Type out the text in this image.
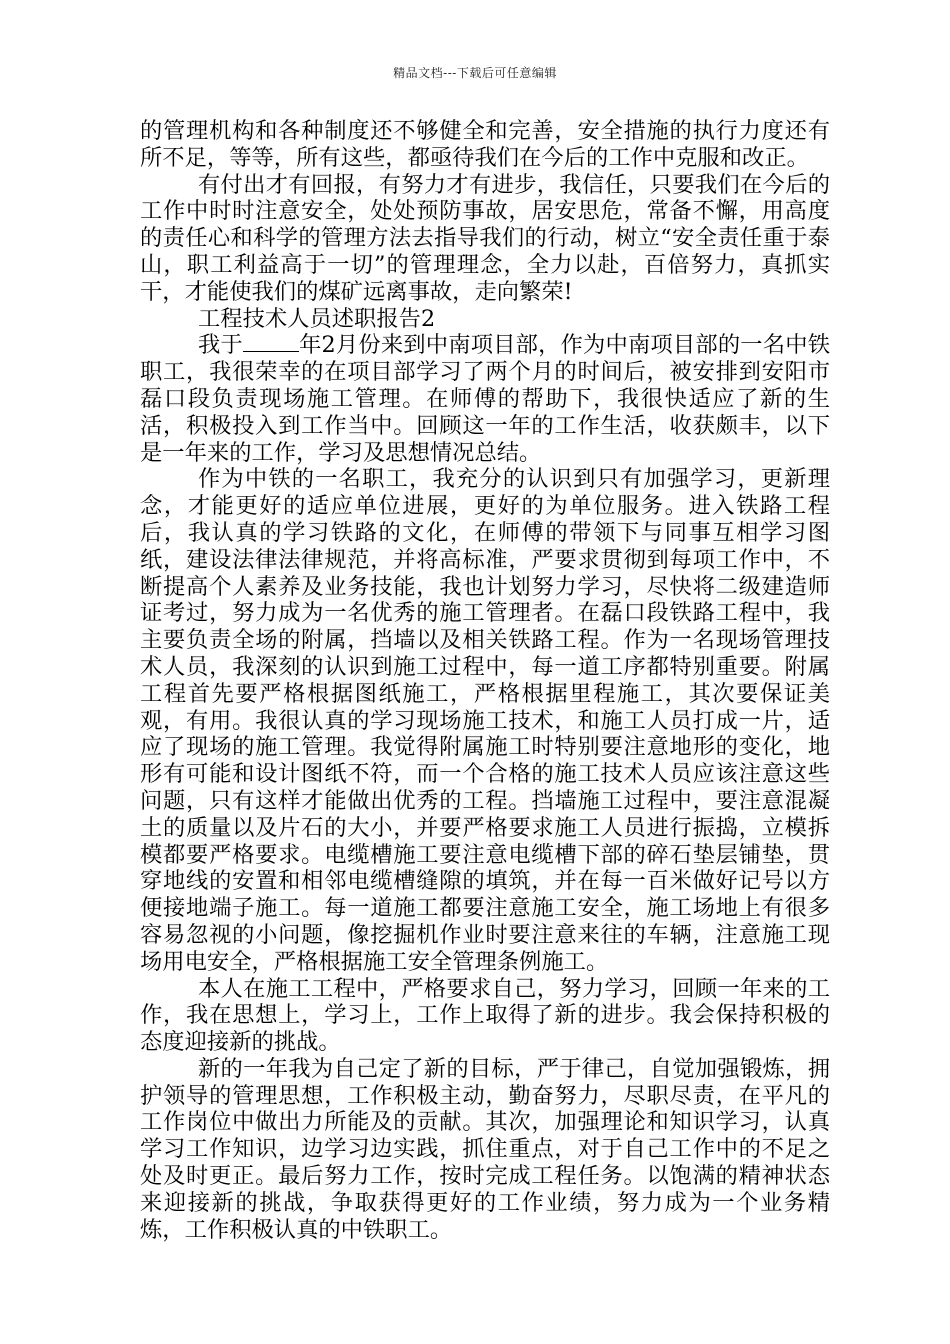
精品文档---下载后可任意编辑

的管理机构和各种制度还不够健全和完善，安全措施的执行力度还有所不足，等等，所有这些，都亟待我们在今后的工作中克服和改正。

有付出才有回报，有努力才有进步，我信任，只要我们在今后的工作中时时注意安全，处处预防事故，居安思危，常备不懈，用高度的责任心和科学的管理方法去指导我们的行动，树立“安全责任重于泰山，职工利益高于一切”的管理理念，全力以赴，百倍努力，真抓实干，才能使我们的煤矿远离事故，走向繁荣!

工程技术人员述职报告2

我于	年2月份来到中南项目部，作为中南项目部的一名中铁职工，我很荣幸的在项目部学习了两个月的时间后，被安排到安阳市磊口段负责现场施工管理。在师傅的帮助下，我很快适应了新的生活，积极投入到工作当中。回顾这一年的工作生活，收获颇丰，以下是一年来的工作，学习及思想情况总结。

作为中铁的一名职工，我充分的认识到只有加强学习，更新理念，才能更好的适应单位进展，更好的为单位服务。进入铁路工程后，我认真的学习铁路的文化，在师傅的带领下与同事互相学习图纸，建设法律法律规范，并将高标准，严要求贯彻到每项工作中，不断提高个人素养及业务技能，我也计划努力学习，尽快将二级建造师证考过，努力成为一名优秀的施工管理者。在磊口段铁路工程中，我主要负责全场的附属，挡墙以及相关铁路工程。作为一名现场管理技术人员，我深刻的认识到施工过程中，每一道工序都特别重要。附属工程首先要严格根据图纸施工，严格根据里程施工，其次要保证美观，有用。我很认真的学习现场施工技术，和施工人员打成一片，适应了现场的施工管理。我觉得附属施工时特别要注意地形的变化，地形有可能和设计图纸不符，而一个合格的施工技术人员应该注意这些问题，只有这样才能做出优秀的工程。挡墙施工过程中，要注意混凝土的质量以及片石的大小，并要严格要求施工人员进行振捣，立模拆模都要严格要求。电缆槽施工要注意电缆槽下部的碎石垫层铺垫，贯穿地线的安置和相邻电缆槽缝隙的填筑，并在每一百米做好记号以方便接地端子施工。每一道施工都要注意施工安全，施工场地上有很多容易忽视的小问题，像挖掘机作业时要注意来往的车辆，注意施工现场用电安全，严格根据施工安全管理条例施工。

本人在施工工程中，严格要求自己，努力学习，回顾一年来的工作，我在思想上，学习上，工作上取得了新的进步。我会保持积极的态度迎接新的挑战。

新的一年我为自己定了新的目标，严于律己，自觉加强锻炼，拥护领导的管理思想，工作积极主动，勤奋努力，尽职尽责，在平凡的工作岗位中做出力所能及的贡献。其次，加强理论和知识学习，认真学习工作知识，边学习边实践，抓住重点，对于自己工作中的不足之处及时更正。最后努力工作，按时完成工程任务。以饱满的精神状态来迎接新的挑战，争取获得更好的工作业绩，努力成为一个业务精炼，工作积极认真的中铁职工。
